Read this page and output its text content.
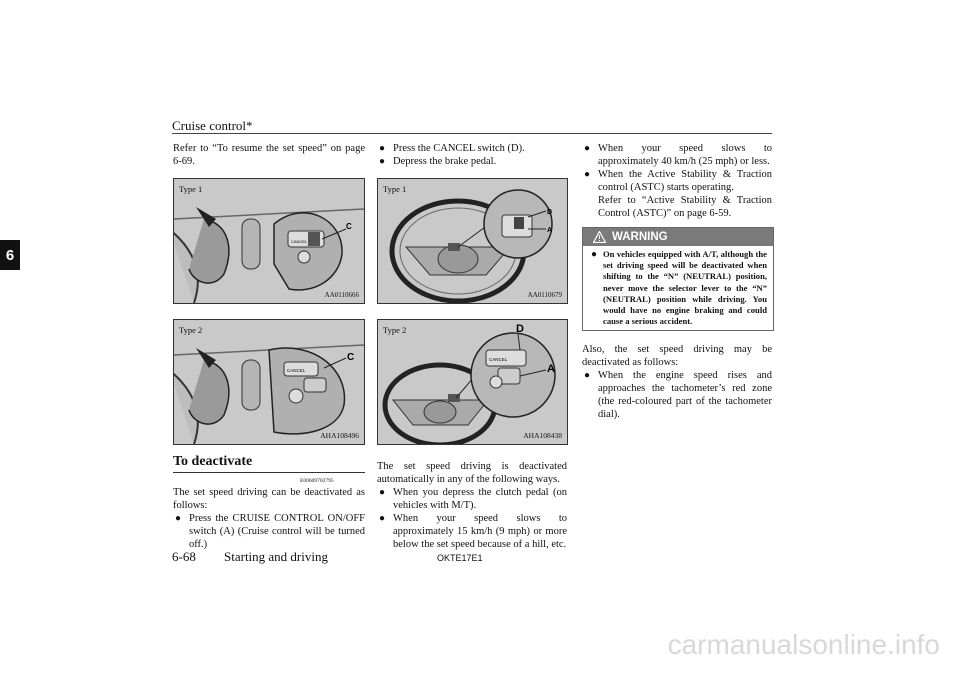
Cruise control*
6
Refer to “To resume the set speed” on page 6-69.
Type 1
C
CANCEL
AA0110666
Type 2
C
CANCEL
AHA108496
To deactivate
E00609702795
The set speed driving can be deactivated as follows:

● Press the CRUISE CONTROL ON/OFF switch (A) (Cruise control will be turned off.)

● Press the CANCEL switch (D).

● Depress the brake pedal.

Type 1
D
A
AA0110679
Type 2	D
A
CANCEL
AHA108438
The set speed driving is deactivated automatically in any of the following ways.

● When you depress the clutch pedal (on vehicles with M/T).

● When your speed slows to approximately 15 km/h (9 mph) or more below the set speed because of a hill, etc.

● When your speed slows to approximately 40 km/h (25 mph) or less.

● When the Active Stability & Traction control (ASTC) starts operating.

Refer to “Active Stability & Traction Control (ASTC)” on page 6-59.

WARNING

● On vehicles equipped with A/T, although the set driving speed will be deactivated when shifting to the “N” (NEUTRAL) position, never move the selector lever to the “N” (NEUTRAL) position while driving. You would have no engine braking and could cause a serious accident.

Also, the set speed driving may be deactivated as follows:

● When the engine speed rises and approaches the tachometer’s red zone (the red-coloured part of the tachometer dial).

6-68 Starting and driving	OKTE17E1
carmanualsonline.info
